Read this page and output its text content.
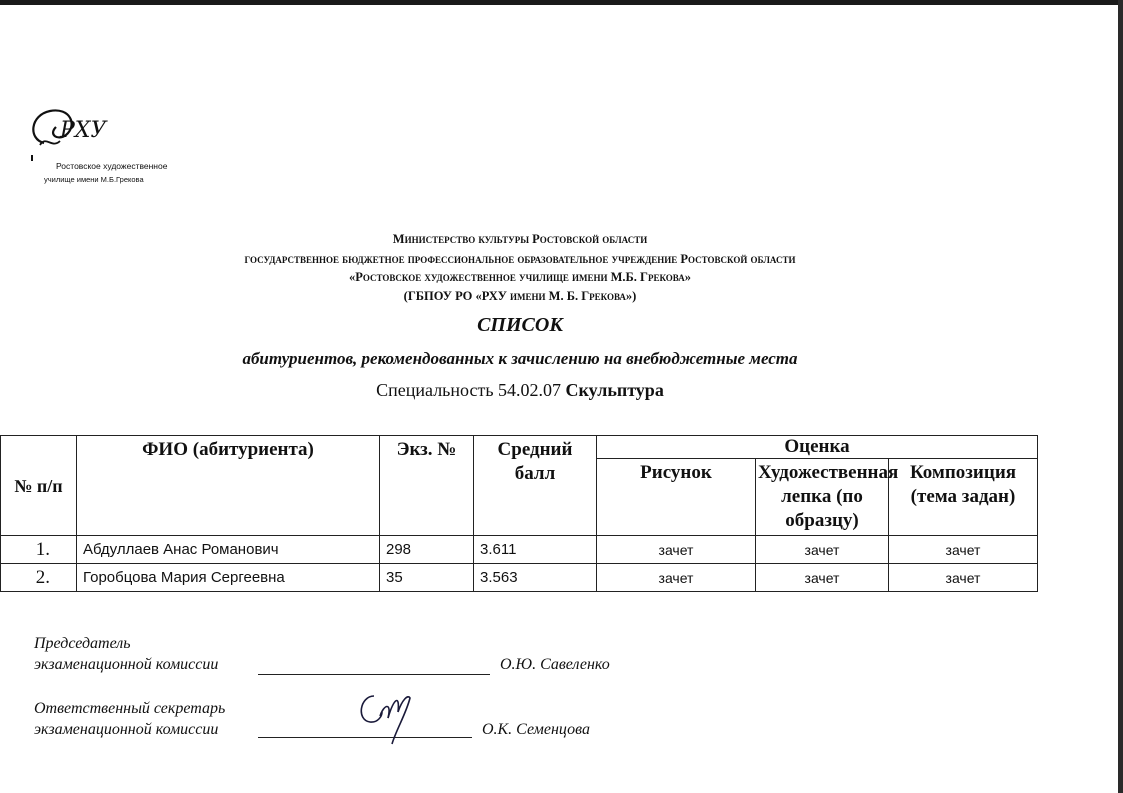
РХУ
Ростовское художественное
училище имени М.Б.Грекова
Министерство культуры Ростовской области
государственное бюджетное профессиональное образовательное учреждение Ростовской области
«Ростовское художественное училище имени М.Б. Грекова»
(ГБПОУ РО «РХУ имени М. Б. Грекова»)
СПИСОК
абитуриентов, рекомендованных к зачислению на внебюджетные места
Специальность 54.02.07 Скульптура
№ п/п	ФИО (абитуриента)	Экз. №	Средний балл	Оценка		
				Рисунок	Художественная лепка (по образцу)	Композиция (тема задан)
1.	Абдуллаев Анас Романович	298	3.611	зачет	зачет	зачет
2.	Горобцова Мария Сергеевна	35	3.563	зачет	зачет	зачет
Председатель
экзаменационной комиссии	О.Ю. Савеленко
Ответственный секретарь
экзаменационной комиссии	О.К. Семенцова
